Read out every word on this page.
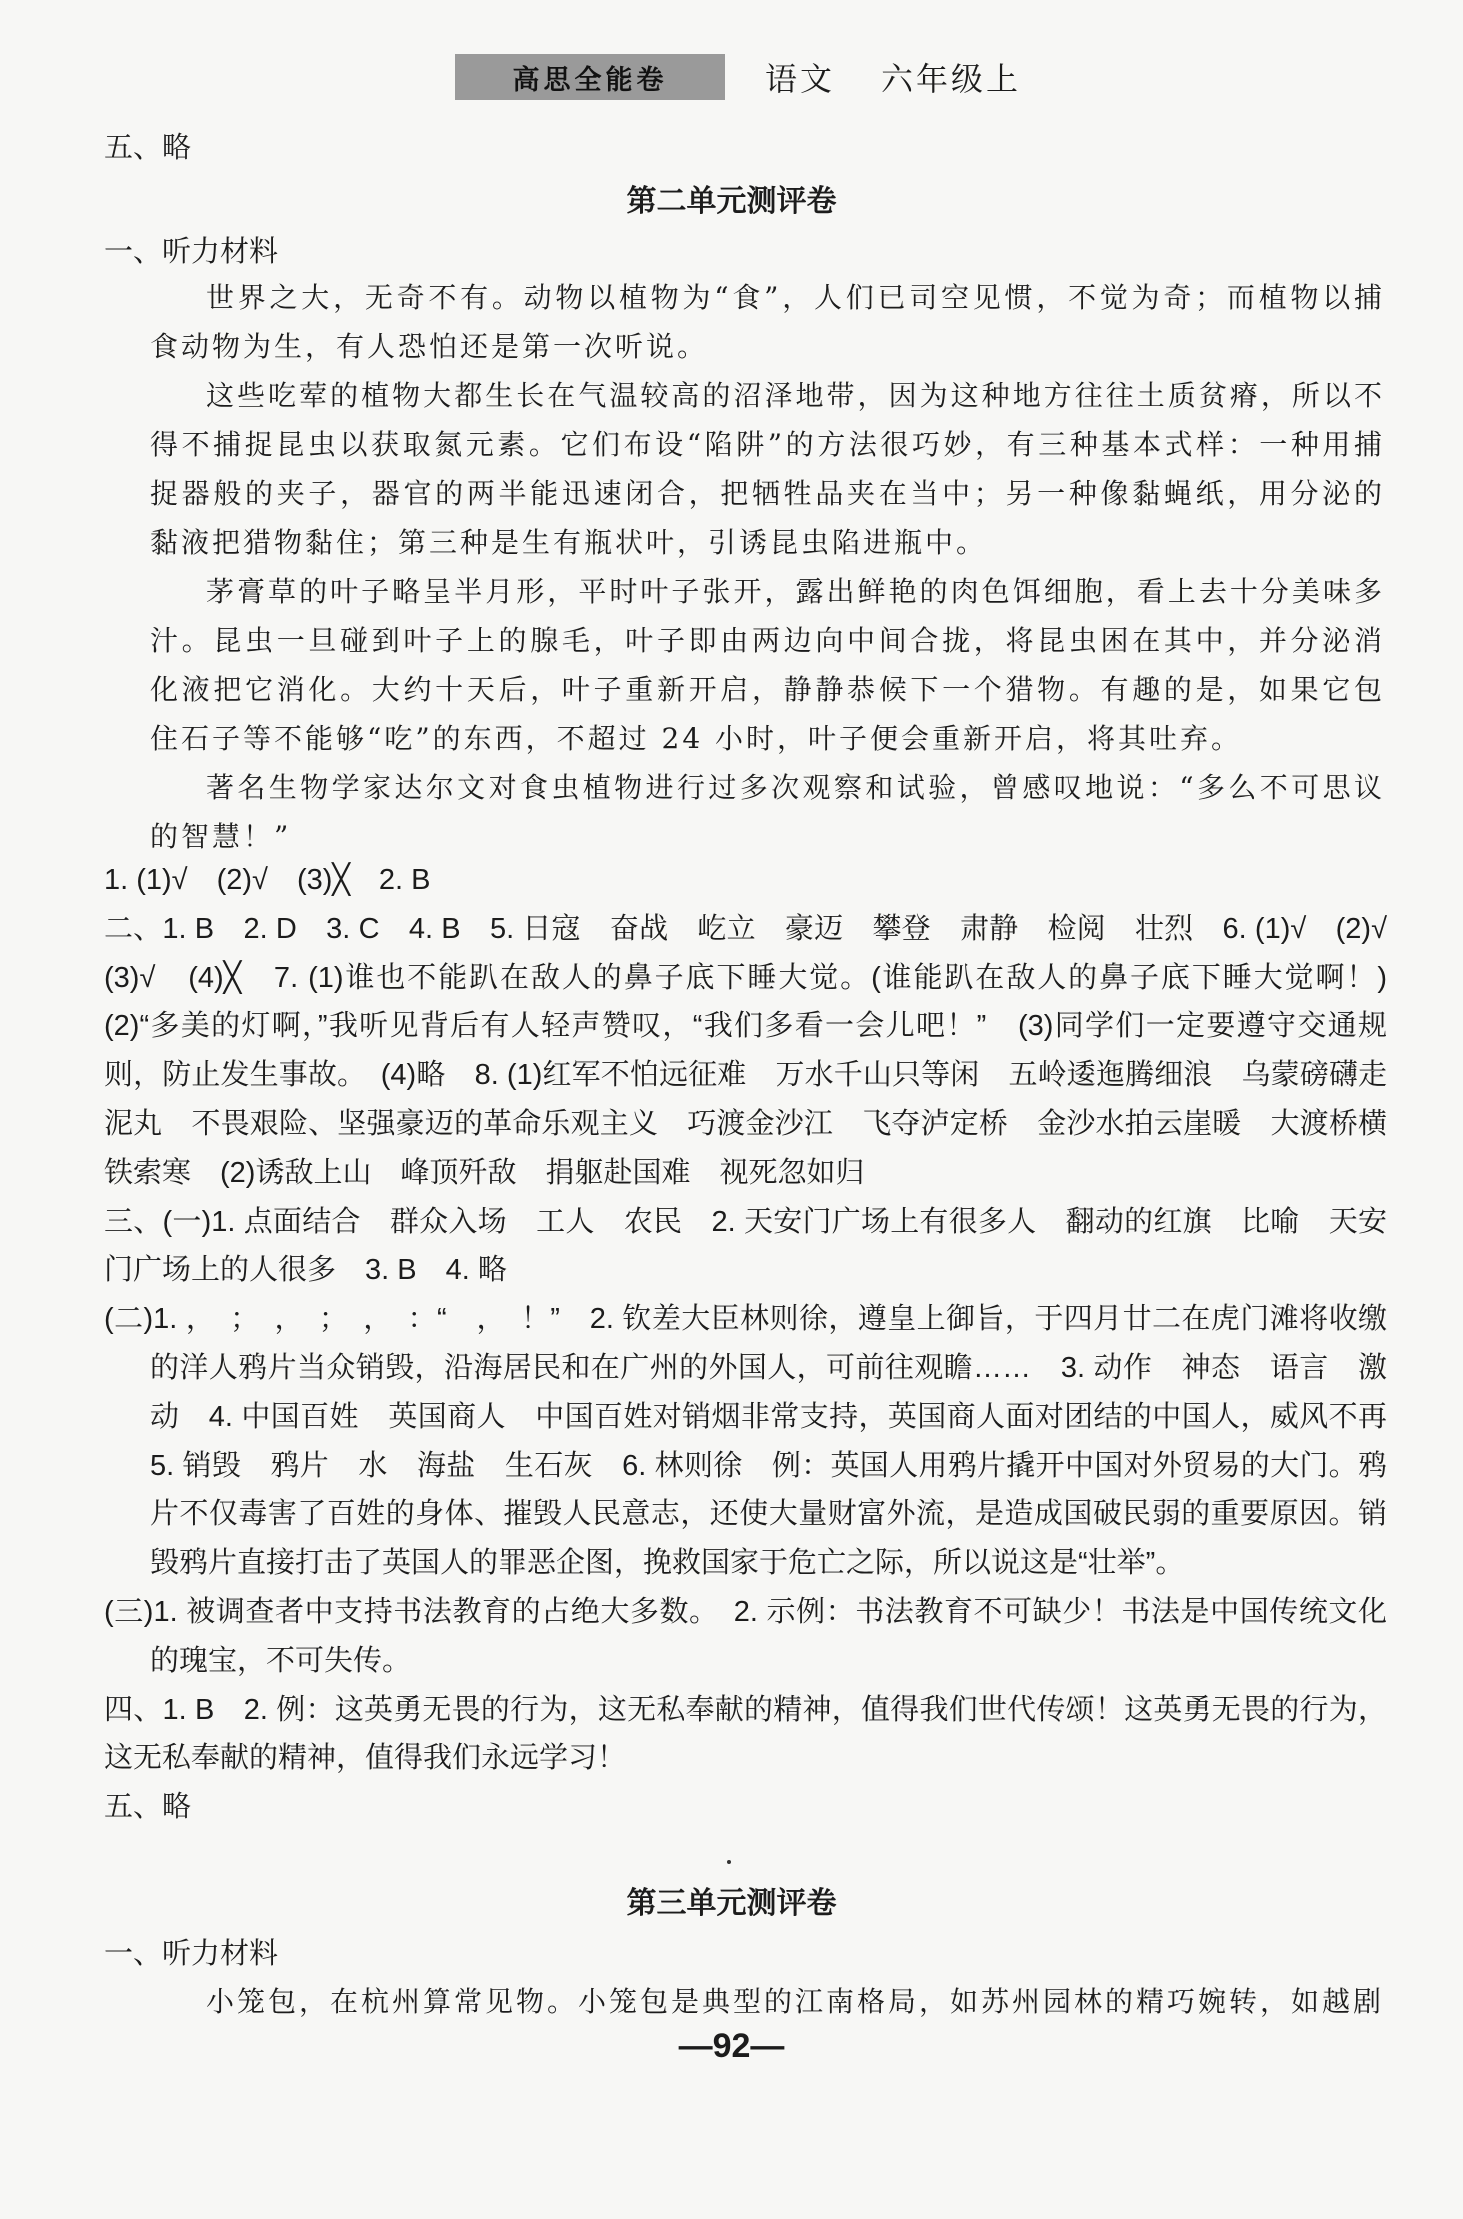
高思全能卷	语文 六年级上
五、略
第二单元测评卷
一、听力材料

世界之大，无奇不有。动物以植物为“食”，人们已司空见惯，不觉为奇；而植物以捕食动物为生，有人恐怕还是第一次听说。

这些吃荤的植物大都生长在气温较高的沼泽地带，因为这种地方往往土质贫瘠，所以不得不捕捉昆虫以获取氮元素。它们布设“陷阱”的方法很巧妙，有三种基本式样：一种用捕捉器般的夹子，器官的两半能迅速闭合，把牺牲品夹在当中；另一种像黏蝇纸，用分泌的黏液把猎物黏住；第三种是生有瓶状叶，引诱昆虫陷进瓶中。

茅膏草的叶子略呈半月形，平时叶子张开，露出鲜艳的肉色饵细胞，看上去十分美味多汁。昆虫一旦碰到叶子上的腺毛，叶子即由两边向中间合拢，将昆虫困在其中，并分泌消化液把它消化。大约十天后，叶子重新开启，静静恭候下一个猎物。有趣的是，如果它包住石子等不能够“吃”的东西，不超过 24 小时，叶子便会重新开启，将其吐弃。

著名生物学家达尔文对食虫植物进行过多次观察和试验，曾感叹地说：“多么不可思议的智慧！”

1. (1)√　(2)√　(3)╳　2. B

二、1. B　2. D　3. C　4. B　5. 日寇　奋战　屹立　豪迈　攀登　肃静　检阅　壮烈　6. (1)√　(2)√　(3)√　(4)╳　7. (1)谁也不能趴在敌人的鼻子底下睡大觉。(谁能趴在敌人的鼻子底下睡大觉啊！)　(2)“多美的灯啊，”我听见背后有人轻声赞叹，“我们多看一会儿吧！”　(3)同学们一定要遵守交通规则，防止发生事故。　(4)略　8. (1)红军不怕远征难　万水千山只等闲　五岭逶迤腾细浪　乌蒙磅礴走泥丸　不畏艰险、坚强豪迈的革命乐观主义　巧渡金沙江　飞夺泸定桥　金沙水拍云崖暖　大渡桥横铁索寒　(2)诱敌上山　峰顶歼敌　捐躯赴国难　视死忽如归

三、(一)1. 点面结合　群众入场　工人　农民　2. 天安门广场上有很多人　翻动的红旗　比喻　天安门广场上的人很多　3. B　4. 略

(二)1. ，　；　，　；　，　：“　，　！”　2. 钦差大臣林则徐，遵皇上御旨，于四月廿二在虎门滩将收缴的洋人鸦片当众销毁，沿海居民和在广州的外国人，可前往观瞻……　3. 动作　神态　语言　激动　4. 中国百姓　英国商人　中国百姓对销烟非常支持，英国商人面对团结的中国人，威风不再　5. 销毁　鸦片　水　海盐　生石灰　6. 林则徐　例：英国人用鸦片撬开中国对外贸易的大门。鸦片不仅毒害了百姓的身体、摧毁人民意志，还使大量财富外流，是造成国破民弱的重要原因。销毁鸦片直接打击了英国人的罪恶企图，挽救国家于危亡之际，所以说这是“壮举”。

(三)1. 被调查者中支持书法教育的占绝大多数。　2. 示例：书法教育不可缺少！书法是中国传统文化的瑰宝，不可失传。

四、1. B　2. 例：这英勇无畏的行为，这无私奉献的精神，值得我们世代传颂！这英勇无畏的行为，这无私奉献的精神，值得我们永远学习！

五、略

第三单元测评卷
一、听力材料

小笼包，在杭州算常见物。小笼包是典型的江南格局，如苏州园林的精巧婉转，如越剧

—92—
